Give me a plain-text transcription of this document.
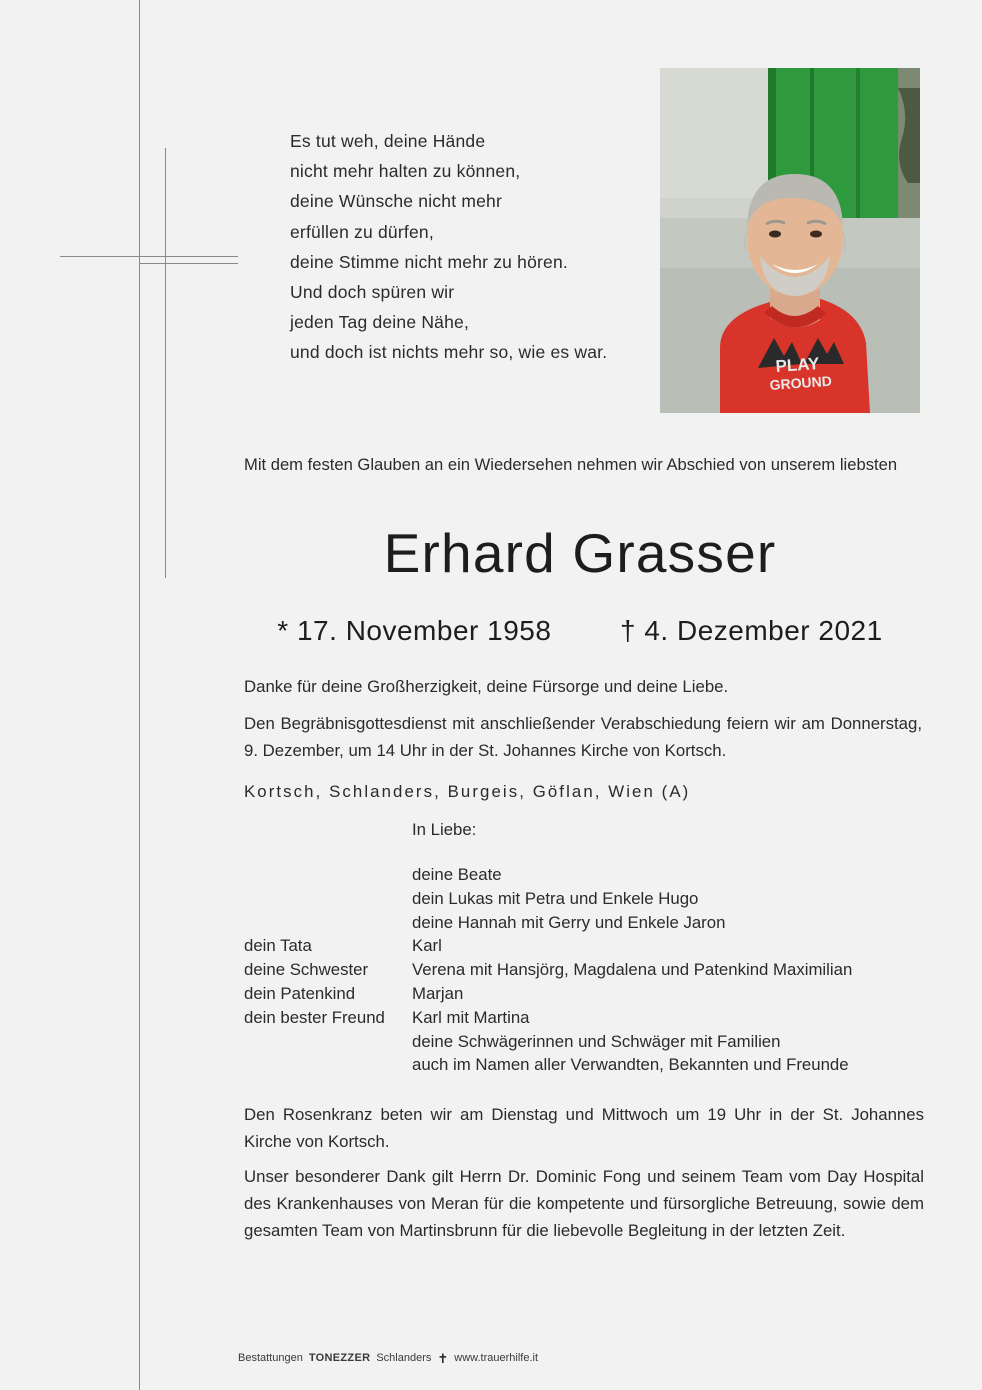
Es tut weh, deine Hände
nicht mehr halten zu können,
deine Wünsche nicht mehr
erfüllen zu dürfen,
deine Stimme nicht mehr zu hören.
Und doch spüren wir
jeden Tag deine Nähe,
und doch ist nichts mehr so, wie es war.
PLAY
GROUND
Mit dem festen Glauben an ein Wiedersehen nehmen wir Abschied von unserem liebsten
Erhard Grasser
* 17. November 1958 † 4. Dezember 2021
Danke für deine Großherzigkeit, deine Fürsorge und deine Liebe.
Den Begräbnisgottesdienst mit anschließender Verabschiedung feiern wir am Donnerstag, 9. Dezember, um 14 Uhr in der St. Johannes Kirche von Kortsch.
Kortsch, Schlanders, Burgeis, Göflan, Wien (A)
In Liebe:
deine Beate
dein Lukas mit Petra und Enkele Hugo
deine Hannah mit Gerry und Enkele Jaron
dein Tata	Karl
deine Schwester	Verena mit Hansjörg, Magdalena und Patenkind Maximilian
dein Patenkind	Marjan
dein bester Freund	Karl mit Martina
deine Schwägerinnen und Schwäger mit Familien
auch im Namen aller Verwandten, Bekannten und Freunde
Den Rosenkranz beten wir am Dienstag und Mittwoch um 19 Uhr in der St. Johannes Kirche von Kortsch.
Unser besonderer Dank gilt Herrn Dr. Dominic Fong und seinem Team vom Day Hospital des Krankenhauses von Meran für die kompetente und fürsorgliche Betreuung, sowie dem gesamten Team von Martinsbrunn für die liebevolle Begleitung in der letzten Zeit.
Bestattungen TONEZZER Schlanders ✝ www.trauerhilfe.it
